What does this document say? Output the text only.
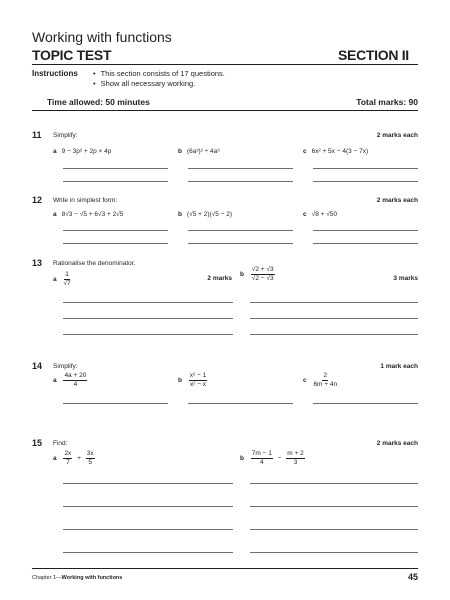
Working with functions
TOPIC TEST	SECTION II
Instructions
•	This section consists of 17 questions.
• Show all necessary working.
Time allowed: 50 minutes	Total marks: 90
11 Simplify:	2 marks each
a 9 − 3p² + 2p × 4p	b (6a³)² ÷ 4a⁶	c 6x² + 5x − 4(3 − 7x)
12 Write in simplest form:	2 marks each
a 8√3 − √5 + 6√3 + 2√5	b (√5 + 2)(√5 − 2)	c √8 + √50
13 Rationalise the denominator.
a $\frac{1}{√7}$	2 marks
b $\frac{√2 + √3}{√2 - √3}$	3 marks
14 Simplify:	1 mark each
a $\frac{4a + 20}{4}$	b $\frac{\text{x² − 1}}{\text{x² − x}}$	c $\frac{2}{6m + 4n}$
15 Find:	2 marks each
a $\frac{2x}{7} + \frac{3x}{5}$	b $\frac{7m - 1}{4} - \frac{m + 2}{3}$
Chapter 1—Working with functions	45
